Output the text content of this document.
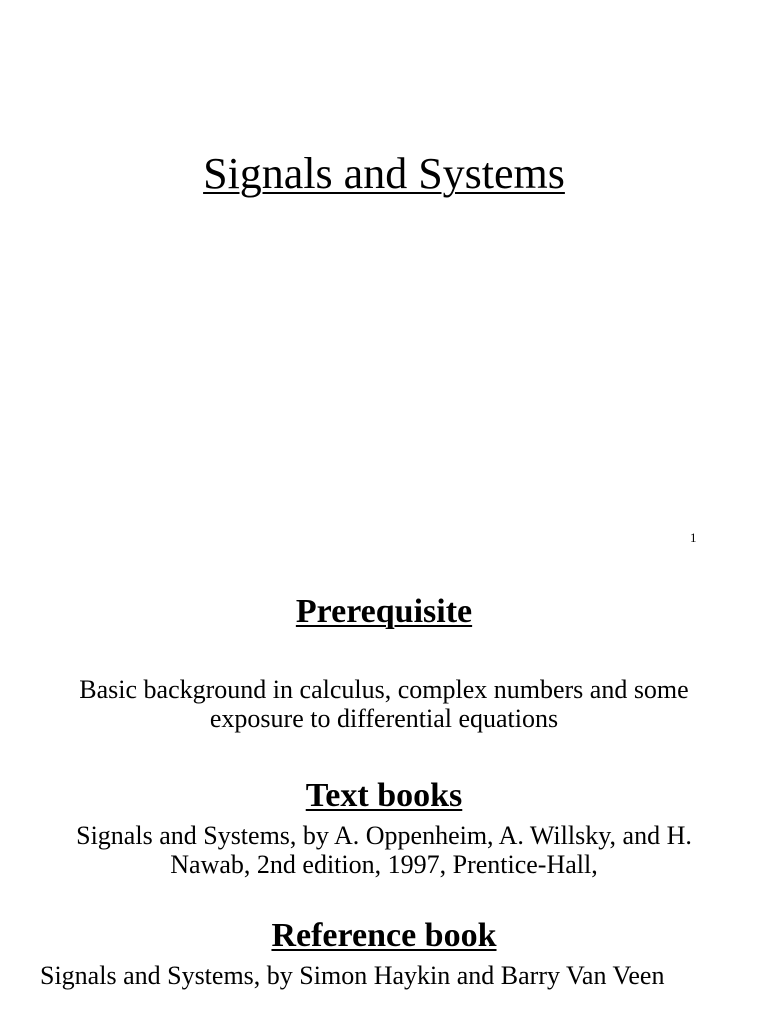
Signals and Systems
1
Prerequisite

Basic background in calculus, complex numbers and some exposure to differential equations

Text books

Signals and Systems, by A. Oppenheim, A. Willsky, and H. Nawab, 2nd edition, 1997, Prentice-Hall,

Reference book

Signals and Systems, by Simon Haykin and Barry Van Veen
